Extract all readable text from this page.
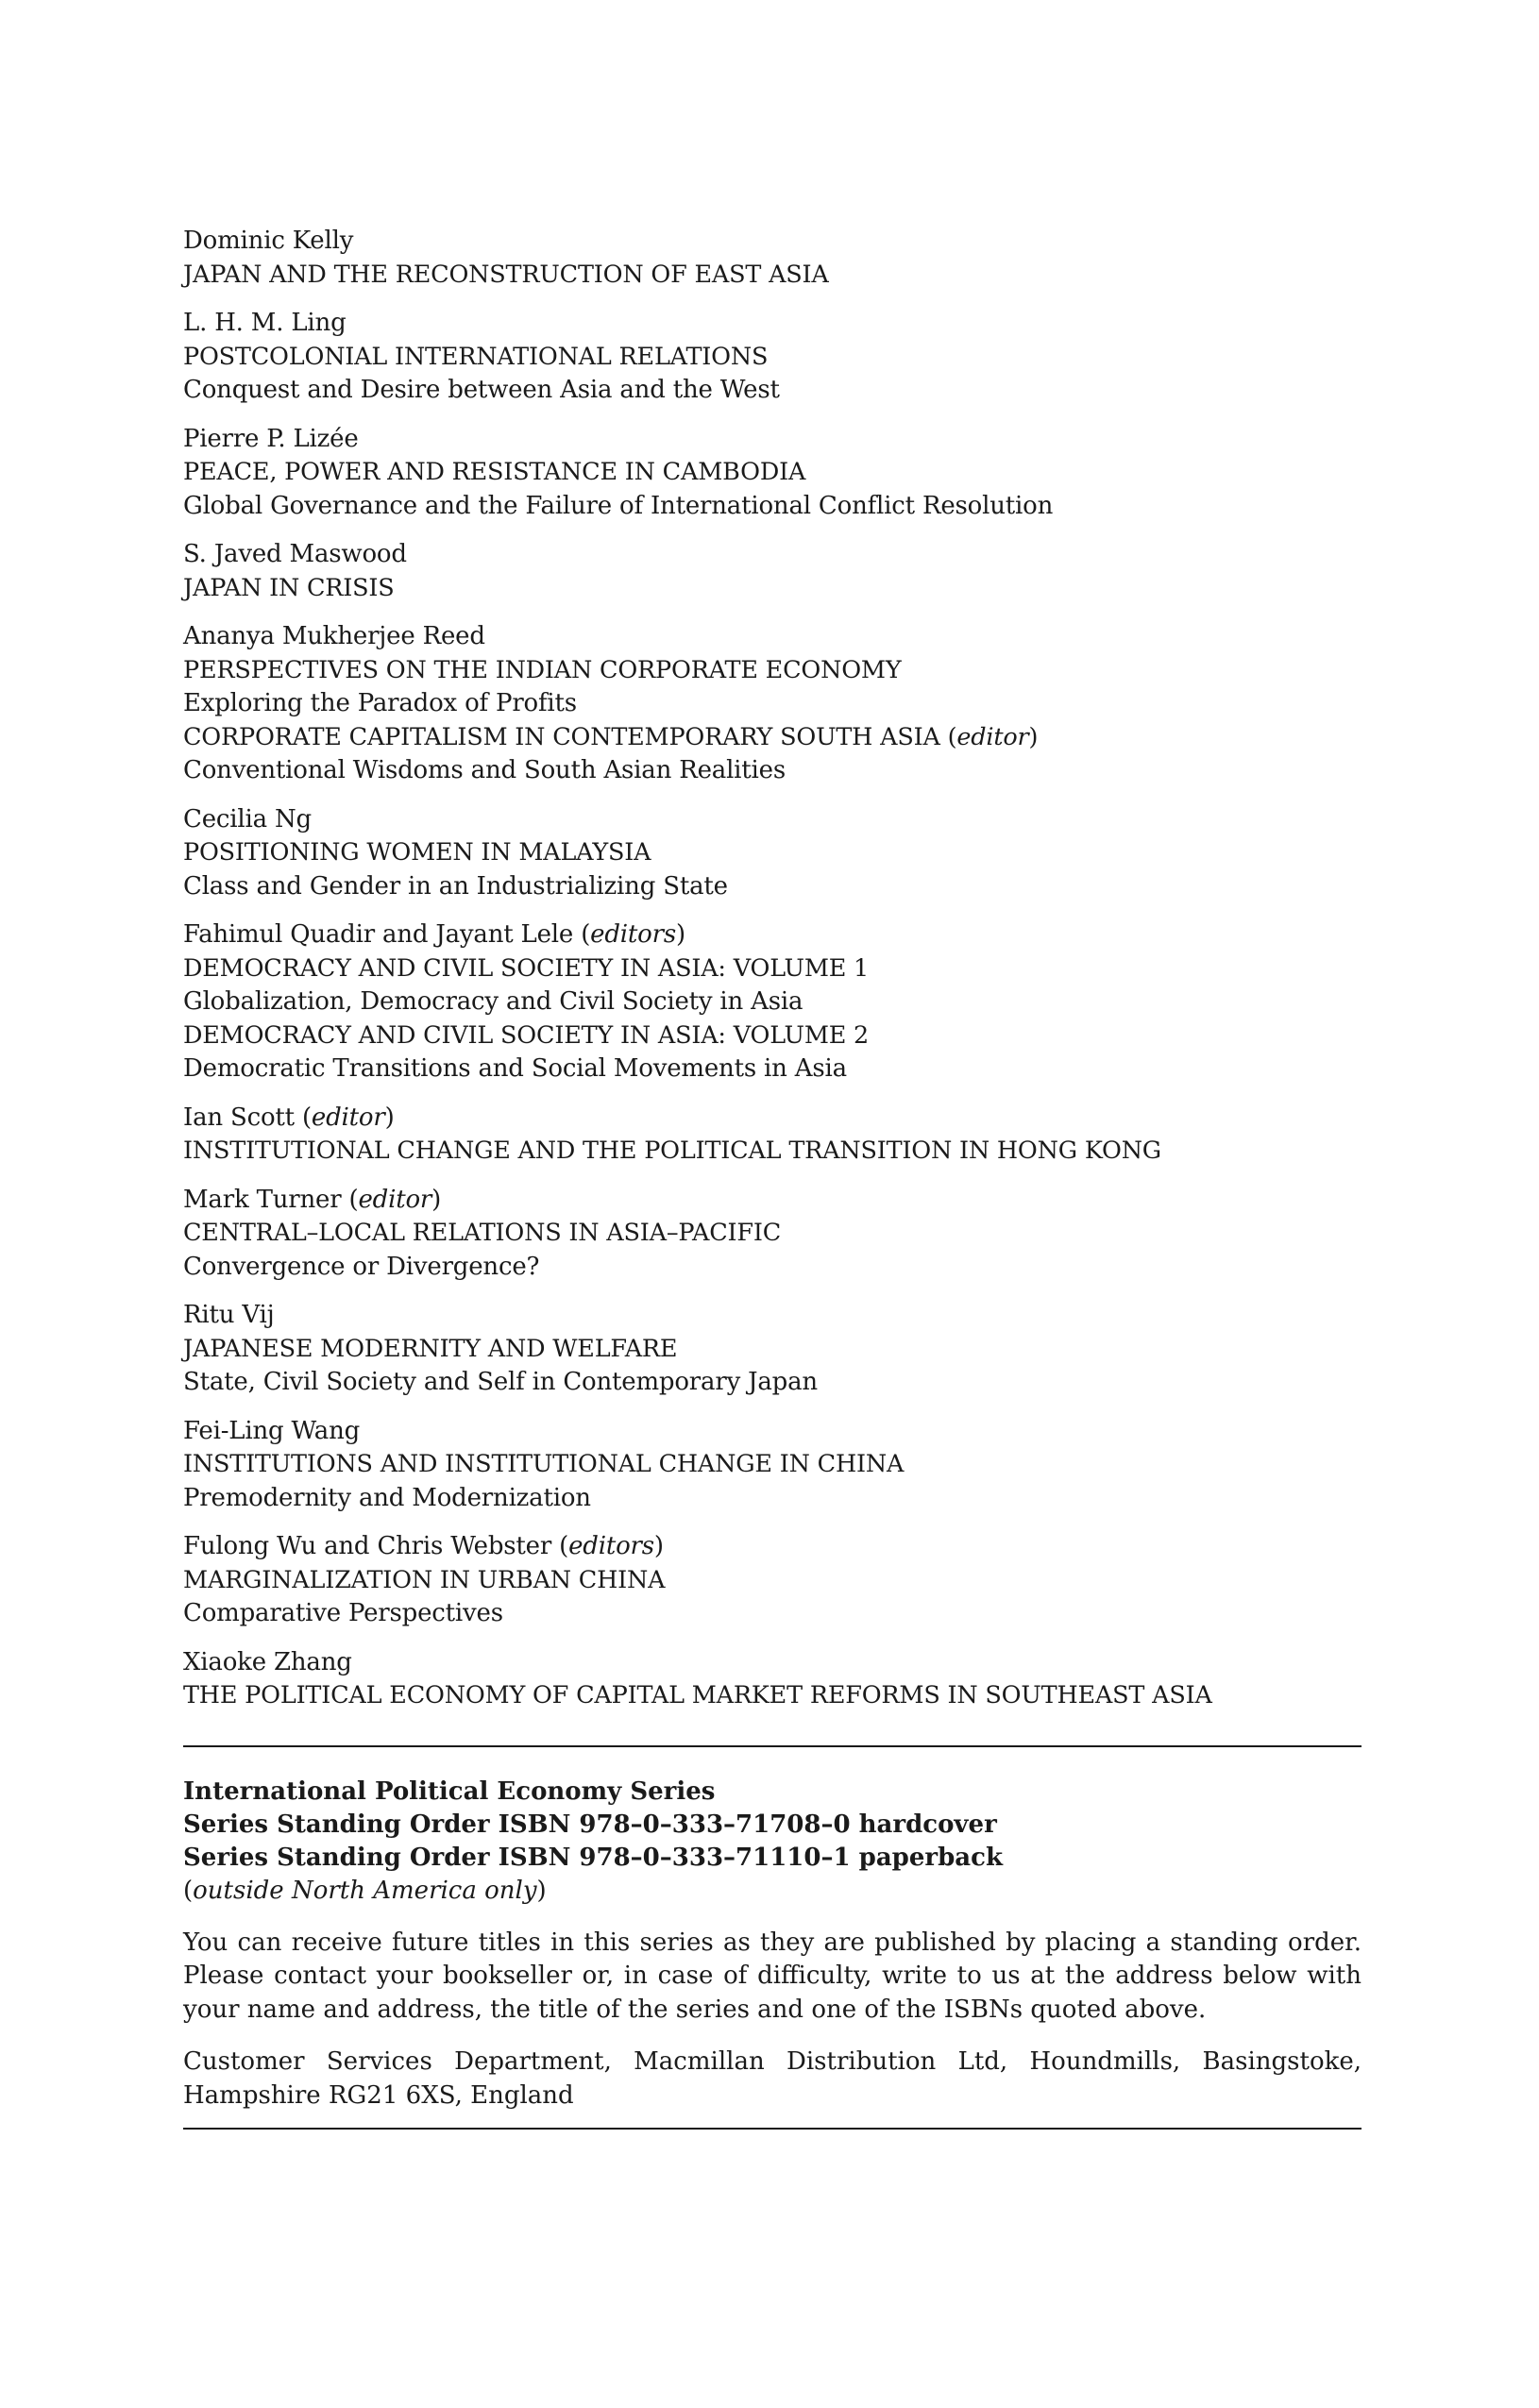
Dominic Kelly
JAPAN AND THE RECONSTRUCTION OF EAST ASIA
L. H. M. Ling
POSTCOLONIAL INTERNATIONAL RELATIONS
Conquest and Desire between Asia and the West
Pierre P. Lizée
PEACE, POWER AND RESISTANCE IN CAMBODIA
Global Governance and the Failure of International Conflict Resolution
S. Javed Maswood
JAPAN IN CRISIS
Ananya Mukherjee Reed
PERSPECTIVES ON THE INDIAN CORPORATE ECONOMY
Exploring the Paradox of Profits
CORPORATE CAPITALISM IN CONTEMPORARY SOUTH ASIA (editor)
Conventional Wisdoms and South Asian Realities
Cecilia Ng
POSITIONING WOMEN IN MALAYSIA
Class and Gender in an Industrializing State
Fahimul Quadir and Jayant Lele (editors)
DEMOCRACY AND CIVIL SOCIETY IN ASIA: VOLUME 1
Globalization, Democracy and Civil Society in Asia
DEMOCRACY AND CIVIL SOCIETY IN ASIA: VOLUME 2
Democratic Transitions and Social Movements in Asia
Ian Scott (editor)
INSTITUTIONAL CHANGE AND THE POLITICAL TRANSITION IN HONG KONG
Mark Turner (editor)
CENTRAL–LOCAL RELATIONS IN ASIA–PACIFIC
Convergence or Divergence?
Ritu Vij
JAPANESE MODERNITY AND WELFARE
State, Civil Society and Self in Contemporary Japan
Fei-Ling Wang
INSTITUTIONS AND INSTITUTIONAL CHANGE IN CHINA
Premodernity and Modernization
Fulong Wu and Chris Webster (editors)
MARGINALIZATION IN URBAN CHINA
Comparative Perspectives
Xiaoke Zhang
THE POLITICAL ECONOMY OF CAPITAL MARKET REFORMS IN SOUTHEAST ASIA
International Political Economy Series
Series Standing Order ISBN 978–0–333–71708–0 hardcover
Series Standing Order ISBN 978–0–333–71110–1 paperback
(outside North America only)

You can receive future titles in this series as they are published by placing a standing order. Please contact your bookseller or, in case of difficulty, write to us at the address below with your name and address, the title of the series and one of the ISBNs quoted above.

Customer Services Department, Macmillan Distribution Ltd, Houndmills, Basingstoke, Hampshire RG21 6XS, England
